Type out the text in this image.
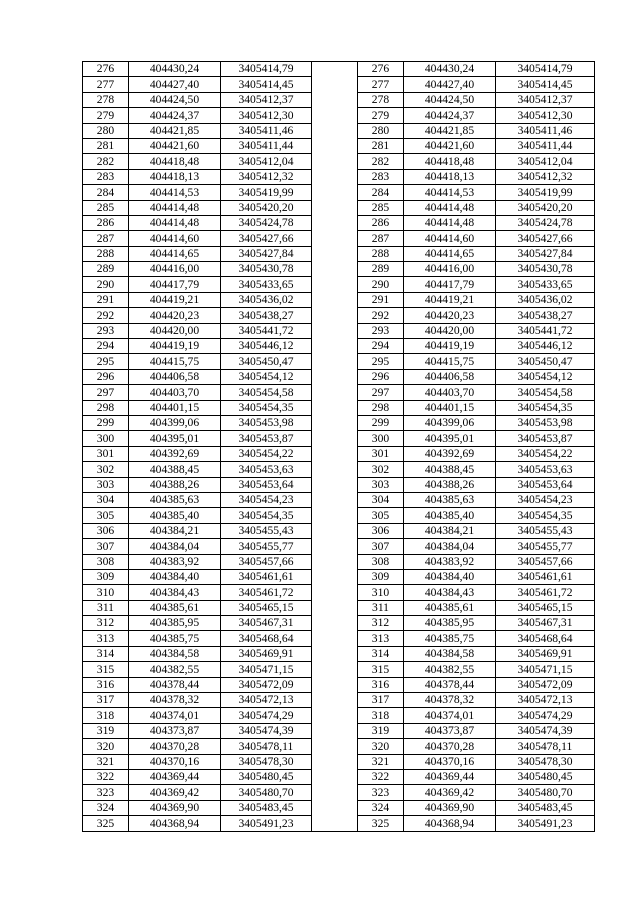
276	404430,24	3405414,79		276	404430,24	3405414,79
277	404427,40	3405414,45		277	404427,40	3405414,45
278	404424,50	3405412,37		278	404424,50	3405412,37
279	404424,37	3405412,30		279	404424,37	3405412,30
280	404421,85	3405411,46		280	404421,85	3405411,46
281	404421,60	3405411,44		281	404421,60	3405411,44
282	404418,48	3405412,04		282	404418,48	3405412,04
283	404418,13	3405412,32		283	404418,13	3405412,32
284	404414,53	3405419,99		284	404414,53	3405419,99
285	404414,48	3405420,20		285	404414,48	3405420,20
286	404414,48	3405424,78		286	404414,48	3405424,78
287	404414,60	3405427,66		287	404414,60	3405427,66
288	404414,65	3405427,84		288	404414,65	3405427,84
289	404416,00	3405430,78		289	404416,00	3405430,78
290	404417,79	3405433,65		290	404417,79	3405433,65
291	404419,21	3405436,02		291	404419,21	3405436,02
292	404420,23	3405438,27		292	404420,23	3405438,27
293	404420,00	3405441,72		293	404420,00	3405441,72
294	404419,19	3405446,12		294	404419,19	3405446,12
295	404415,75	3405450,47		295	404415,75	3405450,47
296	404406,58	3405454,12		296	404406,58	3405454,12
297	404403,70	3405454,58		297	404403,70	3405454,58
298	404401,15	3405454,35		298	404401,15	3405454,35
299	404399,06	3405453,98		299	404399,06	3405453,98
300	404395,01	3405453,87		300	404395,01	3405453,87
301	404392,69	3405454,22		301	404392,69	3405454,22
302	404388,45	3405453,63		302	404388,45	3405453,63
303	404388,26	3405453,64		303	404388,26	3405453,64
304	404385,63	3405454,23		304	404385,63	3405454,23
305	404385,40	3405454,35		305	404385,40	3405454,35
306	404384,21	3405455,43		306	404384,21	3405455,43
307	404384,04	3405455,77		307	404384,04	3405455,77
308	404383,92	3405457,66		308	404383,92	3405457,66
309	404384,40	3405461,61		309	404384,40	3405461,61
310	404384,43	3405461,72		310	404384,43	3405461,72
311	404385,61	3405465,15		311	404385,61	3405465,15
312	404385,95	3405467,31		312	404385,95	3405467,31
313	404385,75	3405468,64		313	404385,75	3405468,64
314	404384,58	3405469,91		314	404384,58	3405469,91
315	404382,55	3405471,15		315	404382,55	3405471,15
316	404378,44	3405472,09		316	404378,44	3405472,09
317	404378,32	3405472,13		317	404378,32	3405472,13
318	404374,01	3405474,29		318	404374,01	3405474,29
319	404373,87	3405474,39		319	404373,87	3405474,39
320	404370,28	3405478,11		320	404370,28	3405478,11
321	404370,16	3405478,30		321	404370,16	3405478,30
322	404369,44	3405480,45		322	404369,44	3405480,45
323	404369,42	3405480,70		323	404369,42	3405480,70
324	404369,90	3405483,45		324	404369,90	3405483,45
325	404368,94	3405491,23		325	404368,94	3405491,23
